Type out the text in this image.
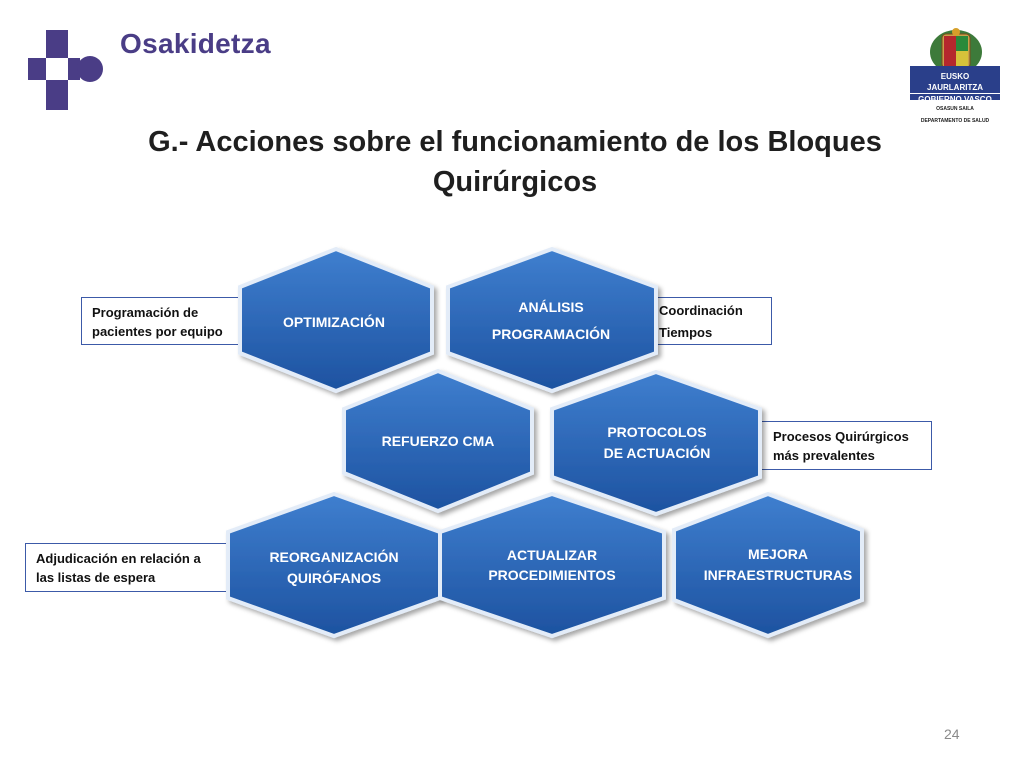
Osakidetza
EUSKO JAURLARITZA
GOBIERNO VASCO
OSASUN SAILA
DEPARTAMENTO DE SALUD
G.- Acciones sobre el funcionamiento de los Bloques
Quirúrgicos
Programación de
pacientes por equipo
Coordinación
Tiempos
Procesos Quirúrgicos
más prevalentes
Adjudicación en relación a
las listas de espera
OPTIMIZACIÓN
ANÁLISIS
PROGRAMACIÓN
REFUERZO CMA
PROTOCOLOS
DE ACTUACIÓN
REORGANIZACIÓN
QUIRÓFANOS
ACTUALIZAR
PROCEDIMIENTOS
MEJORA
INFRAESTRUCTURAS
24
